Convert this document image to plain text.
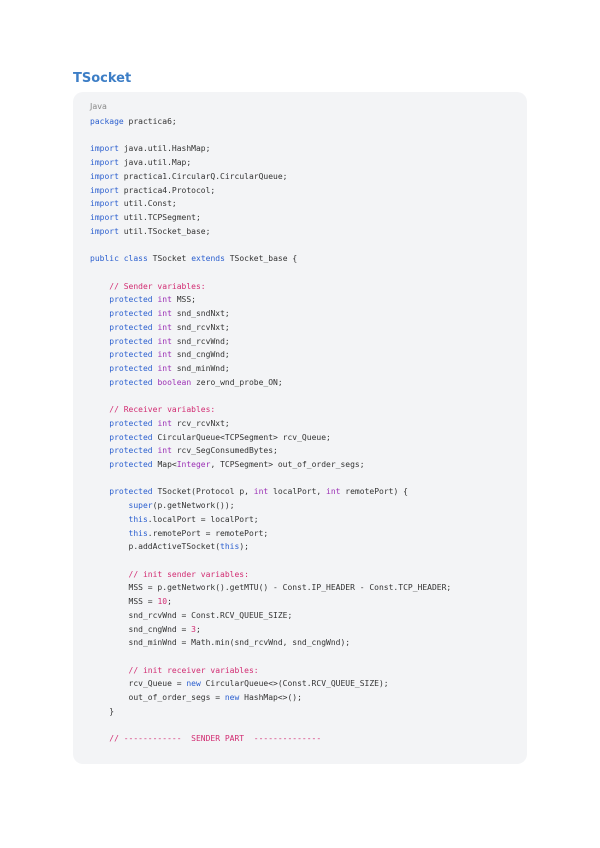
TSocket
Java
package practica6;

import java.util.HashMap;
import java.util.Map;
import practica1.CircularQ.CircularQueue;
import practica4.Protocol;
import util.Const;
import util.TCPSegment;
import util.TSocket_base;

public class TSocket extends TSocket_base {

// Sender variables:
protected int MSS;
protected int snd_sndNxt;
protected int snd_rcvNxt;
protected int snd_rcvWnd;
protected int snd_cngWnd;
protected int snd_minWnd;
protected boolean zero_wnd_probe_ON;

// Receiver variables:
protected int rcv_rcvNxt;
protected CircularQueue<TCPSegment> rcv_Queue;
protected int rcv_SegConsumedBytes;
protected Map<Integer, TCPSegment> out_of_order_segs;

protected TSocket(Protocol p, int localPort, int remotePort) {
super(p.getNetwork());
this.localPort = localPort;
this.remotePort = remotePort;
p.addActiveTSocket(this);

// init sender variables:
MSS = p.getNetwork().getMTU() - Const.IP_HEADER - Const.TCP_HEADER;
MSS = 10;
snd_rcvWnd = Const.RCV_QUEUE_SIZE;
snd_cngWnd = 3;
snd_minWnd = Math.min(snd_rcvWnd, snd_cngWnd);

// init receiver variables:
rcv_Queue = new CircularQueue<>(Const.RCV_QUEUE_SIZE);
out_of_order_segs = new HashMap<>();
}

// ------------  SENDER PART  --------------
